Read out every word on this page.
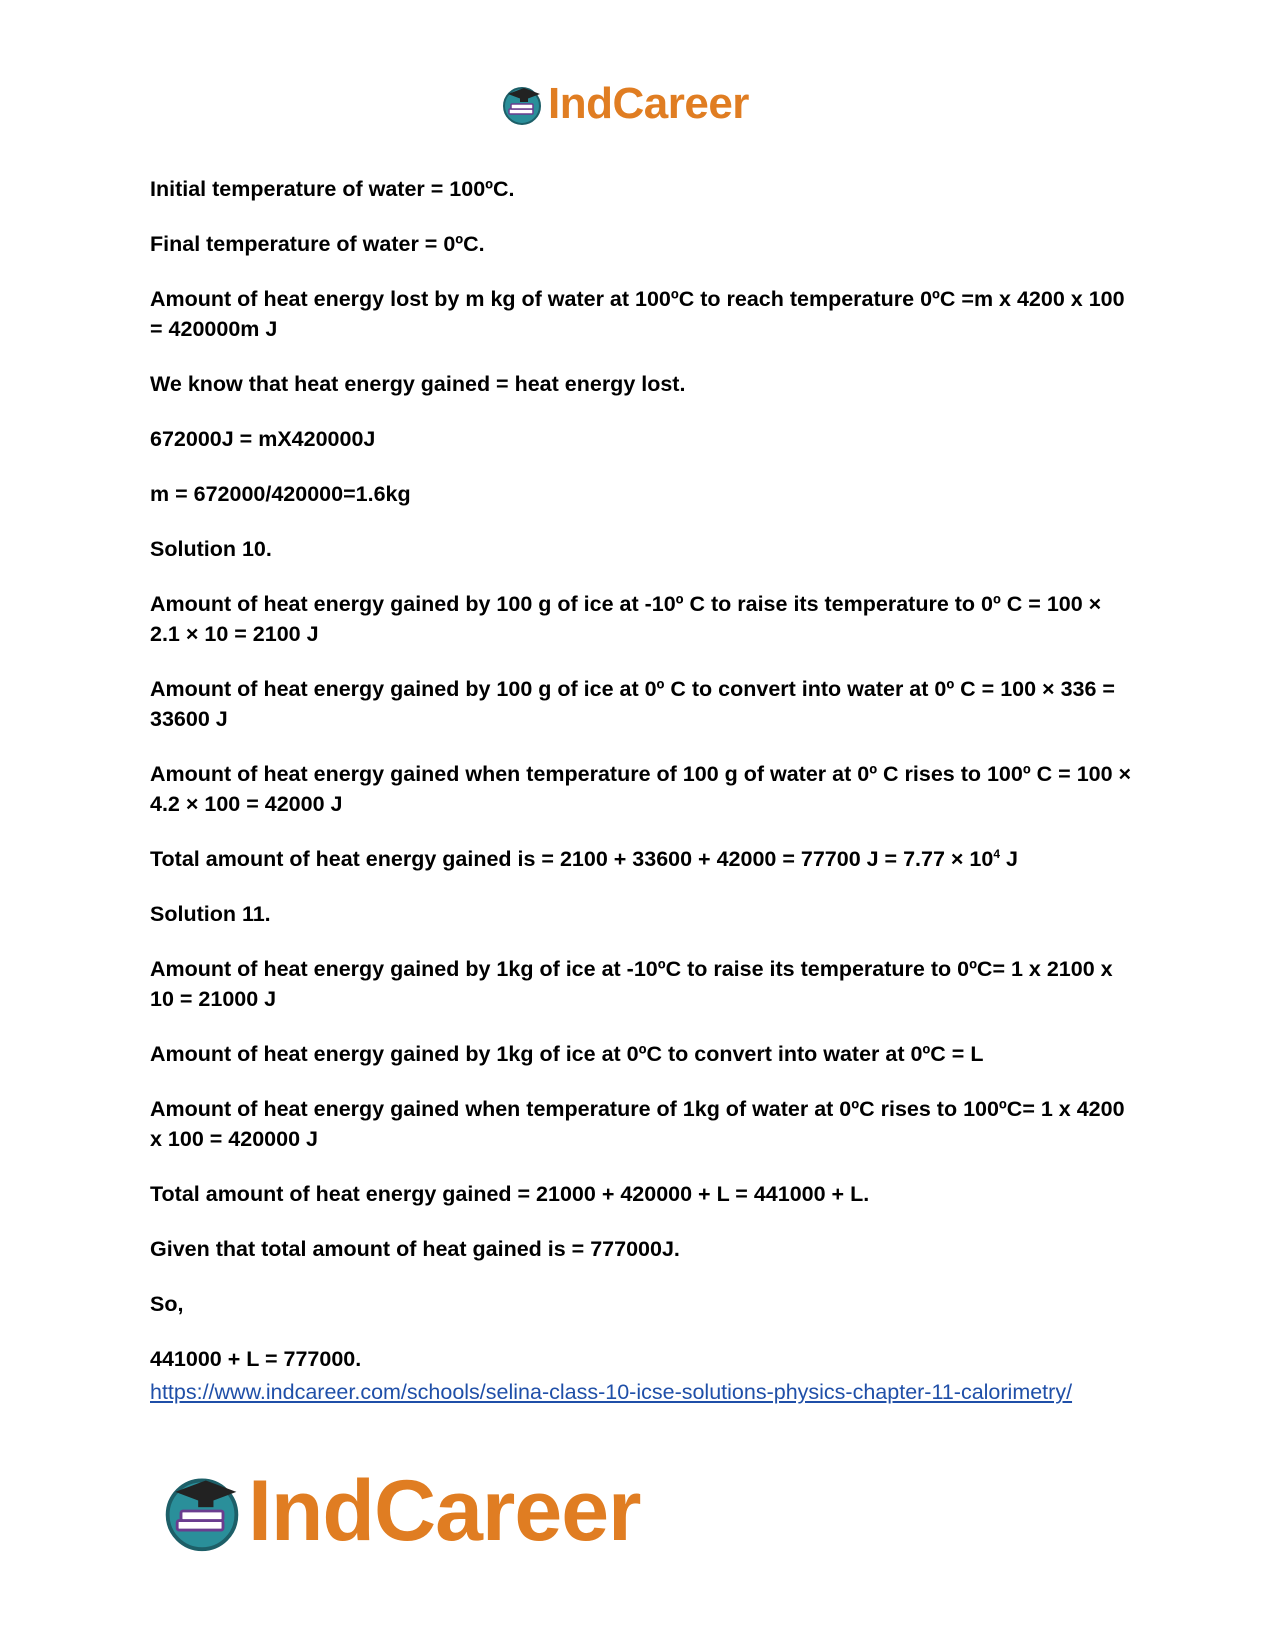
IndCareer

Initial temperature of water = 100ºC.

Final temperature of water = 0ºC.

Amount of heat energy lost by m kg of water at 100ºC to reach temperature 0ºC =m x 4200 x 100 = 420000m J

We know that heat energy gained = heat energy lost.

672000J = mX420000J

m = 672000/420000=1.6kg

Solution 10.

Amount of heat energy gained by 100 g of ice at -10º C to raise its temperature to 0º C = 100 × 2.1 × 10 = 2100 J

Amount of heat energy gained by 100 g of ice at 0º C to convert into water at 0º C = 100 × 336 = 33600 J

Amount of heat energy gained when temperature of 100 g of water at 0º C rises to 100º C = 100 × 4.2 × 100 = 42000 J

Total amount of heat energy gained is = 2100 + 33600 + 42000 = 77700 $J = 7.77 \times 10^4$ J

Solution 11.

Amount of heat energy gained by 1kg of ice at -10ºC to raise its temperature to 0ºC= 1 x 2100 x 10 = 21000 J

Amount of heat energy gained by 1kg of ice at 0ºC to convert into water at 0ºC = L

Amount of heat energy gained when temperature of 1kg of water at 0ºC rises to 100ºC= 1 x 4200 x 100 = 420000 J

Total amount of heat energy gained = 21000 + 420000 + L = 441000 + L.

Given that total amount of heat gained is = 777000J.

So,

441000 + L = 777000.

https://www.indcareer.com/schools/selina-class-10-icse-solutions-physics-chapter-11-calorimetry/
IndCareer
